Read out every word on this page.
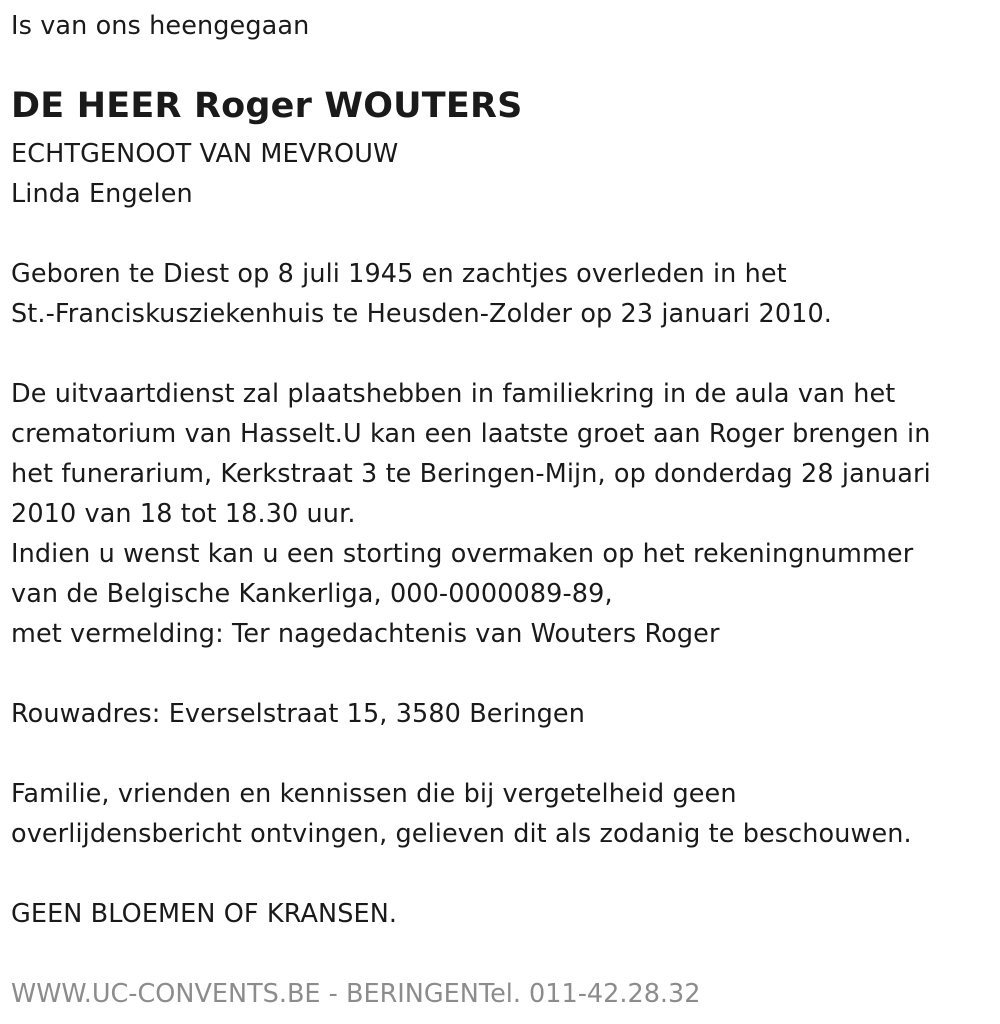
Is van ons heengegaan
DE HEER Roger WOUTERS
ECHTGENOOT VAN MEVROUW
Linda Engelen
Geboren te Diest op 8 juli 1945 en zachtjes overleden in het
St.-Franciskusziekenhuis te Heusden-Zolder op 23 januari 2010.
De uitvaartdienst zal plaatshebben in familiekring in de aula van het
crematorium van Hasselt.U kan een laatste groet aan Roger brengen in
het funerarium, Kerkstraat 3 te Beringen-Mijn, op donderdag 28 januari
2010 van 18 tot 18.30 uur.
Indien u wenst kan u een storting overmaken op het rekeningnummer
van de Belgische Kankerliga, 000-0000089-89,
met vermelding: Ter nagedachtenis van Wouters Roger
Rouwadres: Everselstraat 15, 3580 Beringen
Familie, vrienden en kennissen die bij vergetelheid geen
overlijdensbericht ontvingen, gelieven dit als zodanig te beschouwen.
GEEN BLOEMEN OF KRANSEN.
WWW.UC-CONVENTS.BE - BERINGENTel. 011-42.28.32
